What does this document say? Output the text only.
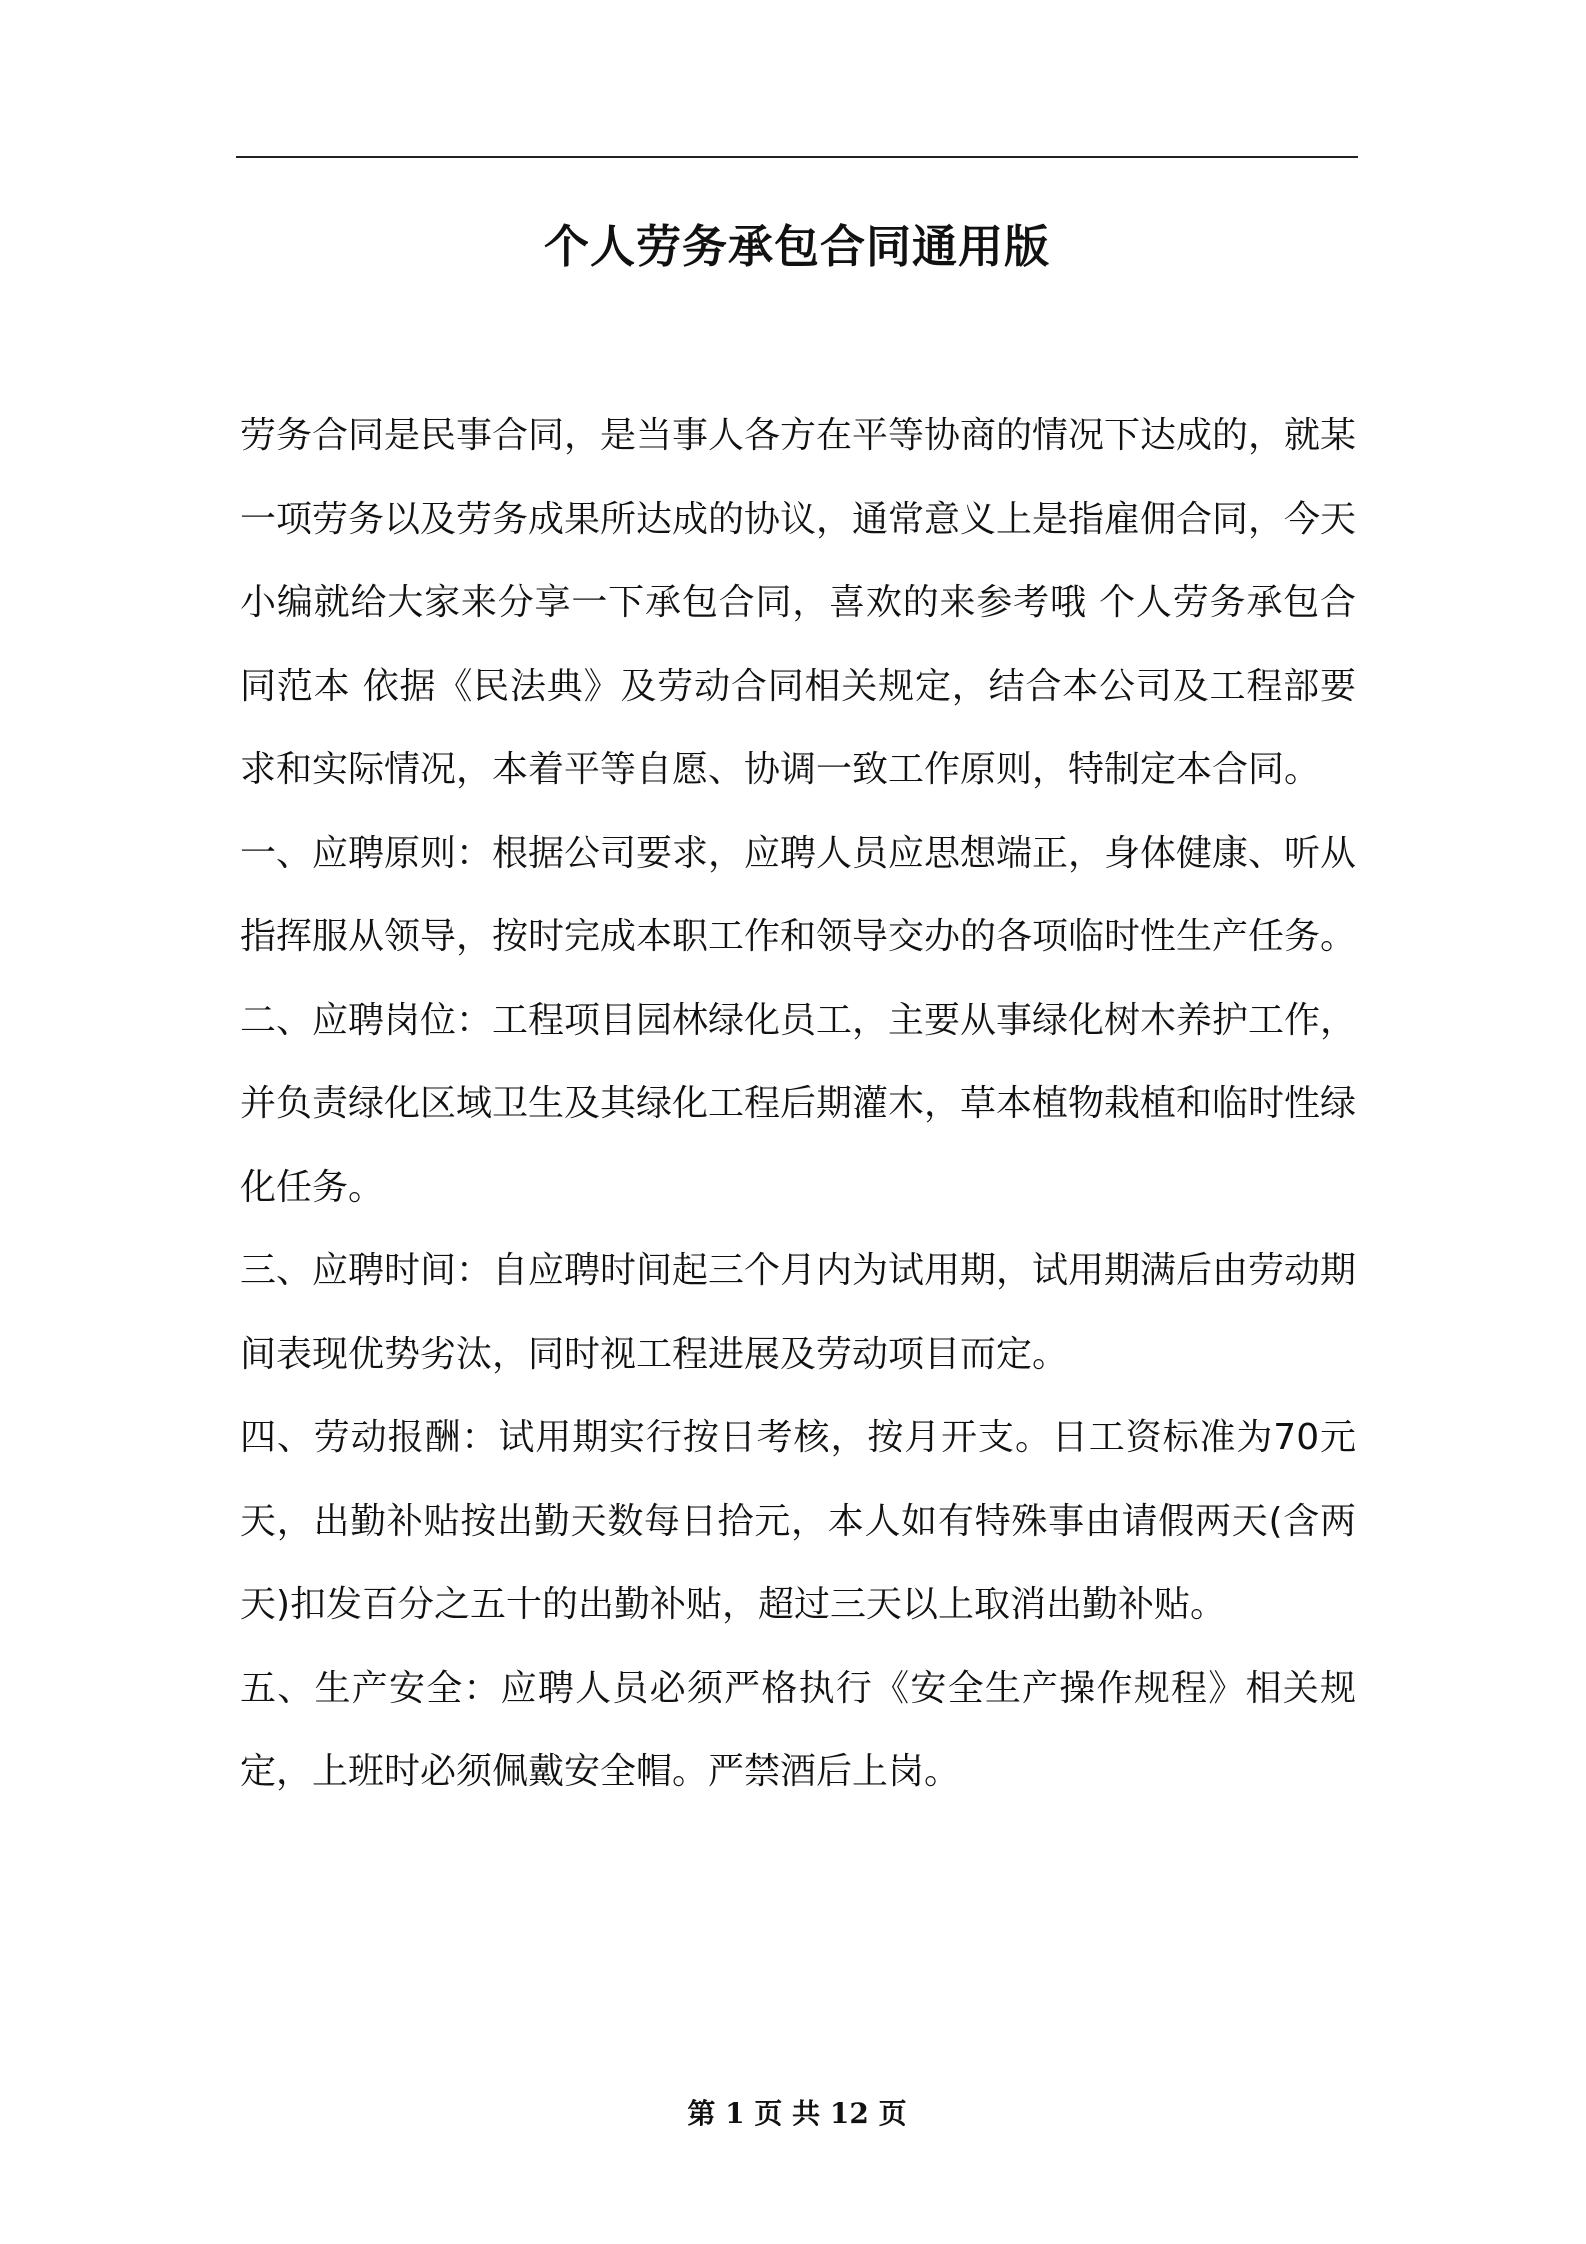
个人劳务承包合同通用版

劳务合同是民事合同，是当事人各方在平等协商的情况下达成的，就某一项劳务以及劳务成果所达成的协议，通常意义上是指雇佣合同，今天小编就给大家来分享一下承包合同，喜欢的来参考哦 个人劳务承包合同范本 依据《民法典》及劳动合同相关规定，结合本公司及工程部要求和实际情况，本着平等自愿、协调一致工作原则，特制定本合同。

一、应聘原则：根据公司要求，应聘人员应思想端正，身体健康、听从指挥服从领导，按时完成本职工作和领导交办的各项临时性生产任务。

二、应聘岗位：工程项目园林绿化员工，主要从事绿化树木养护工作，并负责绿化区域卫生及其绿化工程后期灌木，草本植物栽植和临时性绿化任务。

三、应聘时间：自应聘时间起三个月内为试用期，试用期满后由劳动期间表现优势劣汰，同时视工程进展及劳动项目而定。

四、劳动报酬：试用期实行按日考核，按月开支。日工资标准为70元天，出勤补贴按出勤天数每日拾元，本人如有特殊事由请假两天(含两天)扣发百分之五十的出勤补贴，超过三天以上取消出勤补贴。

五、生产安全：应聘人员必须严格执行《安全生产操作规程》相关规定，上班时必须佩戴安全帽。严禁酒后上岗。

第 1 页 共 12 页
